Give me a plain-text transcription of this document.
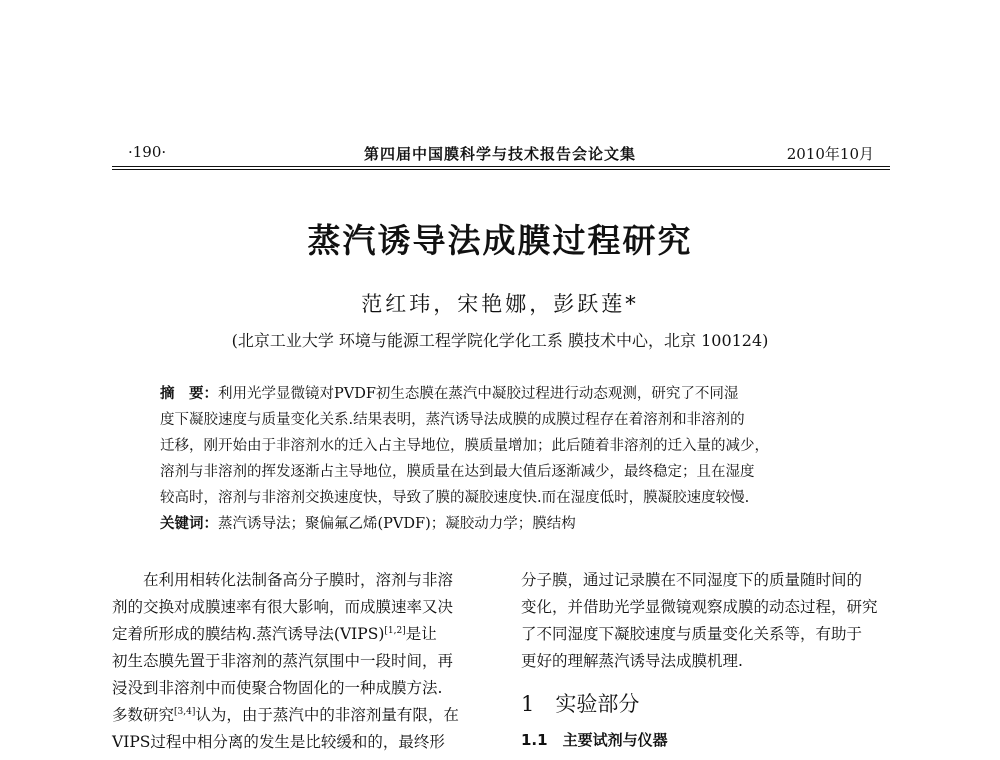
第四届中国膜科学与技术报告会论文集
·190·	2010年10月
蒸汽诱导法成膜过程研究
范红玮，宋艳娜，彭跃莲*
(北京工业大学 环境与能源工程学院化学化工系 膜技术中心，北京 100124)
摘　要：利用光学显微镜对PVDF初生态膜在蒸汽中凝胶过程进行动态观测，研究了不同湿
度下凝胶速度与质量变化关系.结果表明，蒸汽诱导法成膜的成膜过程存在着溶剂和非溶剂的
迁移，刚开始由于非溶剂水的迁入占主导地位，膜质量增加；此后随着非溶剂的迁入量的减少，
溶剂与非溶剂的挥发逐渐占主导地位，膜质量在达到最大值后逐渐减少，最终稳定；且在湿度
较高时，溶剂与非溶剂交换速度快，导致了膜的凝胶速度快.而在湿度低时，膜凝胶速度较慢.
关键词：蒸汽诱导法；聚偏氟乙烯(PVDF)；凝胶动力学；膜结构
　　在利用相转化法制备高分子膜时，溶剂与非溶
剂的交换对成膜速率有很大影响，而成膜速率又决
定着所形成的膜结构.蒸汽诱导法(VIPS)[1,2]是让
初生态膜先置于非溶剂的蒸汽氛围中一段时间，再
浸没到非溶剂中而使聚合物固化的一种成膜方法.
多数研究[3,4]认为，由于蒸汽中的非溶剂量有限，在
VIPS过程中相分离的发生是比较缓和的，最终形
分子膜，通过记录膜在不同湿度下的质量随时间的
变化，并借助光学显微镜观察成膜的动态过程，研究
了不同湿度下凝胶速度与质量变化关系等，有助于
更好的理解蒸汽诱导法成膜机理.
1　 实验部分
1.1　 主要试剂与仪器
